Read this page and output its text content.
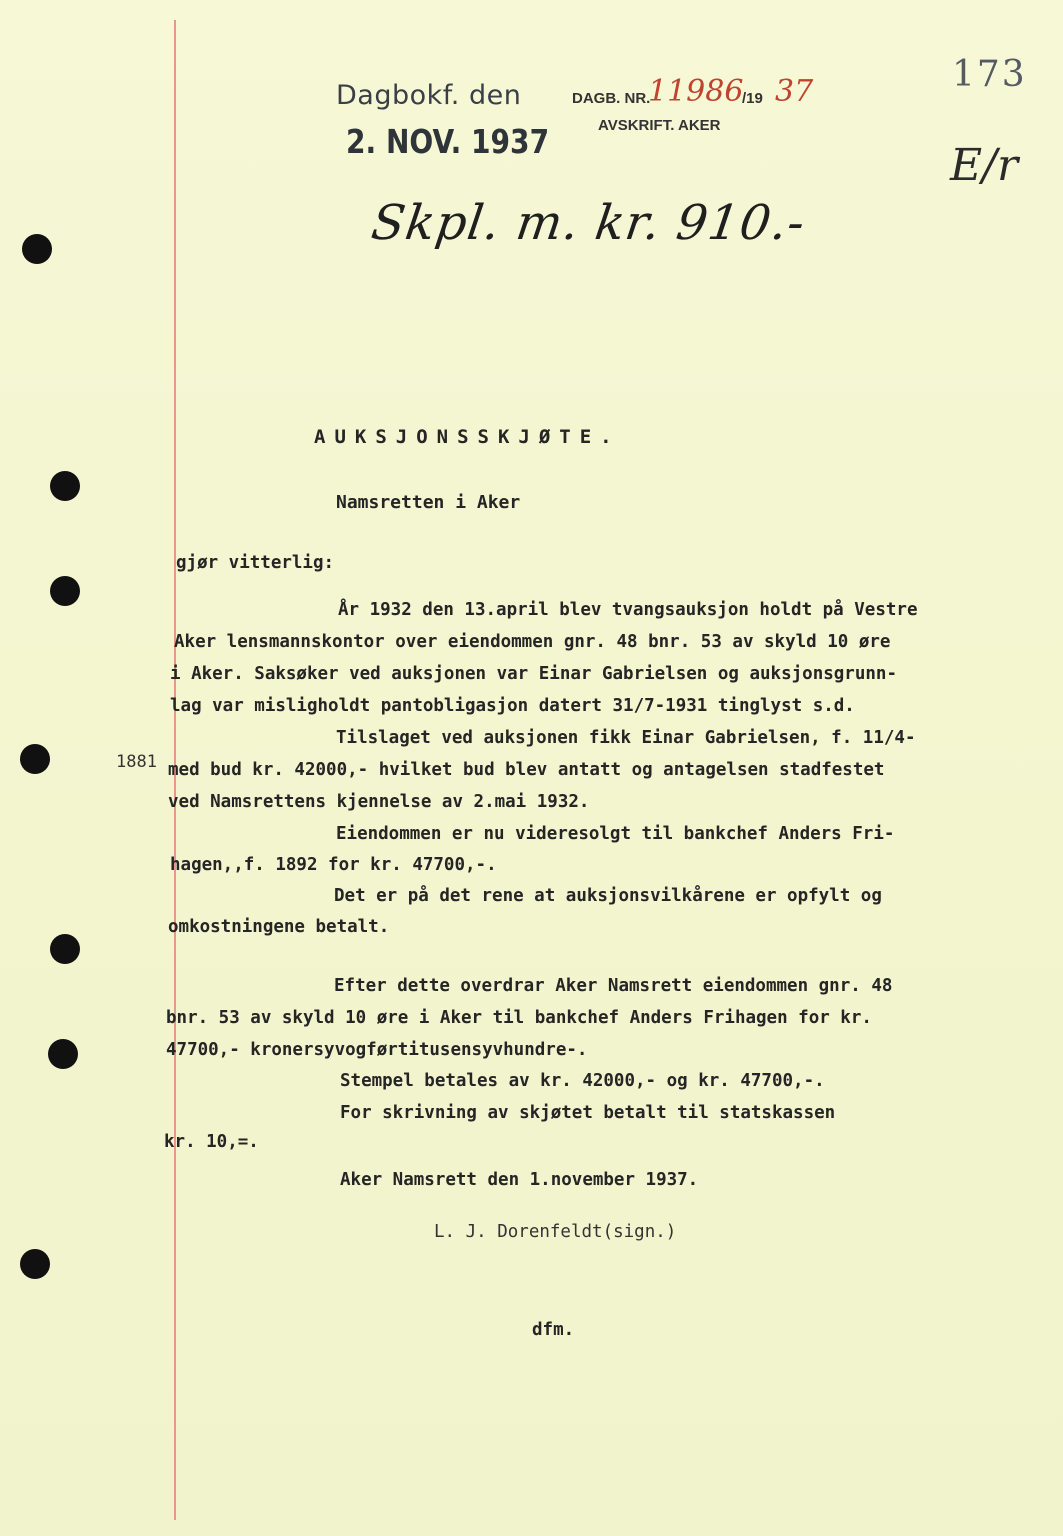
Dagbokf. den
2. NOV. 1937
DAGB. NR.
11986
/19 37
AVSKRIFT. AKER
173
E/r
Skpl. m. kr. 910.-
AUKSJONSSKJØTE.
Namsretten i Aker
1881

gjør vitterlig:

År 1932 den 13.april blev tvangsauksjon holdt på Vestre

Aker lensmannskontor over eiendommen gnr. 48 bnr. 53 av skyld 10 øre

i Aker. Saksøker ved auksjonen var Einar Gabrielsen og auksjonsgrunn-

lag var misligholdt pantobligasjon datert 31/7-1931 tinglyst s.d.

Tilslaget ved auksjonen fikk Einar Gabrielsen, f. 11/4-

med bud kr. 42000,- hvilket bud blev antatt og antagelsen stadfestet

ved Namsrettens kjennelse av 2.mai 1932.

Eiendommen er nu videresolgt til bankchef Anders Fri-

hagen,,f. 1892 for kr. 47700,-.

Det er på det rene at auksjonsvilkårene er opfylt og

omkostningene betalt.

Efter dette overdrar Aker Namsrett eiendommen gnr. 48

bnr. 53 av skyld 10 øre i Aker til bankchef Anders Frihagen for kr.

47700,- kronersyvogførtitusensyvhundre-.

Stempel betales av kr. 42000,- og kr. 47700,-.

For skrivning av skjøtet betalt til statskassen

kr. 10,=.

Aker Namsrett den 1.november 1937.

L. J. Dorenfeldt(sign.)
dfm.
